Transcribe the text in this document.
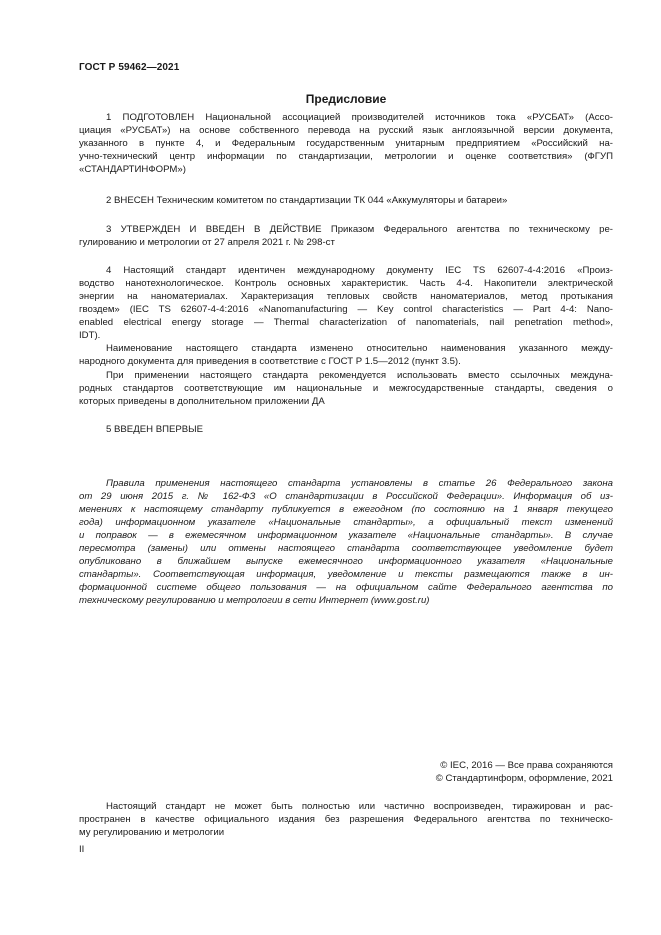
ГОСТ Р 59462—2021
Предисловие
1 ПОДГОТОВЛЕН Национальной ассоциацией производителей источников тока «РУСБАТ» (Ассо-
циация «РУСБАТ») на основе собственного перевода на русский язык англоязычной версии документа,
указанного в пункте 4, и Федеральным государственным унитарным предприятием «Российский на-
учно-технический центр информации по стандартизации, метрологии и оценке соответствия» (ФГУП
«СТАНДАРТИНФОРМ»)
2 ВНЕСЕН Техническим комитетом по стандартизации ТК 044 «Аккумуляторы и батареи»
3 УТВЕРЖДЕН И ВВЕДЕН В ДЕЙСТВИЕ Приказом Федерального агентства по техническому ре-
гулированию и метрологии от 27 апреля 2021 г. № 298-ст
4 Настоящий стандарт идентичен международному документу IEC TS 62607-4-4:2016 «Произ-
водство нанотехнологическое. Контроль основных характеристик. Часть 4-4. Накопители электрической
энергии на наноматериалах. Характеризация тепловых свойств наноматериалов, метод протыкания
гвоздем» (IEC TS 62607-4-4:2016 «Nanomanufacturing — Key control characteristics — Part 4-4: Nano-
enabled electrical energy storage — Thermal characterization of nanomaterials, nail penetration method»,
IDT).
Наименование настоящего стандарта изменено относительно наименования указанного между-
народного документа для приведения в соответствие с ГОСТ Р 1.5—2012 (пункт 3.5).
При применении настоящего стандарта рекомендуется использовать вместо ссылочных междуна-
родных стандартов соответствующие им национальные и межгосударственные стандарты, сведения о
которых приведены в дополнительном приложении ДА
5 ВВЕДЕН ВПЕРВЫЕ
Правила применения настоящего стандарта установлены в статье 26 Федерального закона
от 29 июня 2015 г. № 162-ФЗ «О стандартизации в Российской Федерации». Информация об из-
менениях к настоящему стандарту публикуется в ежегодном (по состоянию на 1 января текущего
года) информационном указателе «Национальные стандарты», а официальный текст изменений
и поправок — в ежемесячном информационном указателе «Национальные стандарты». В случае
пересмотра (замены) или отмены настоящего стандарта соответствующее уведомление будет
опубликовано в ближайшем выпуске ежемесячного информационного указателя «Национальные
стандарты». Соответствующая информация, уведомление и тексты размещаются также в ин-
формационной системе общего пользования — на официальном сайте Федерального агентства по
техническому регулированию и метрологии в сети Интернет (www.gost.ru)
© IEC, 2016 — Все права сохраняются
© Стандартинформ, оформление, 2021
Настоящий стандарт не может быть полностью или частично воспроизведен, тиражирован и рас-
пространен в качестве официального издания без разрешения Федерального агентства по техническо-
му регулированию и метрологии
II
